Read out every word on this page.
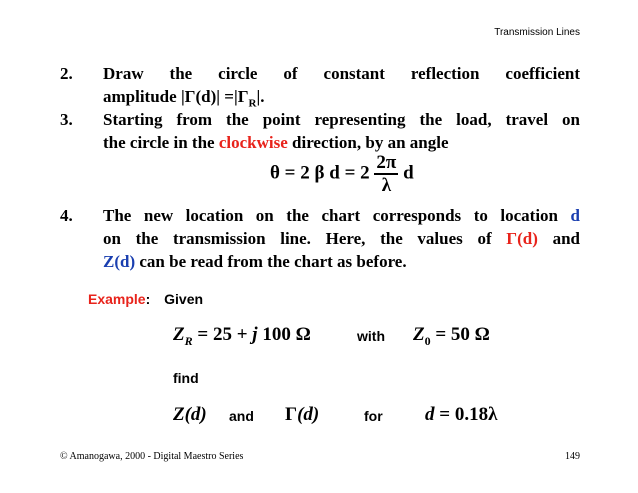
Transmission Lines
2. Draw the circle of constant reflection coefficient
amplitude $|\Gamma(d)| =|\Gamma_R|$.
3. Starting from the point representing the load, travel on
the circle in the clockwise direction, by an angle
θ = 2 β $d = 2 \frac{2\pi}{\lambda}$ d
4. The new location on the chart corresponds to location d
on the transmission line. Here, the values of Γ(d) and
Z(d) can be read from the chart as before.
Example: Given
$Z_R = 25 + j$ 100 Ω	with $Z_0 = 50$ Ω
find
Z(d) and Γ(d)	for d = 0.18λ
© Amanogawa, 2000 - Digital Maestro Series	149
